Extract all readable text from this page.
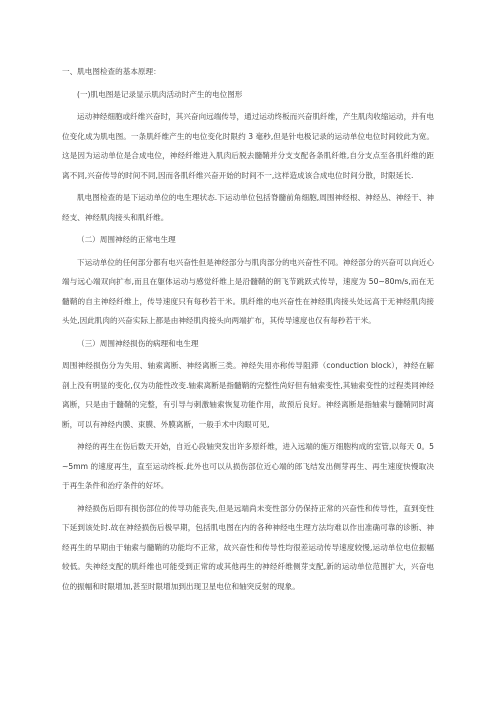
一、肌电图检查的基本原理：

(一)肌电图是记录显示肌肉活动时产生的电位图形

运动神经细胞或纤维兴奋时，其兴奋向远端传导，通过运动终板而兴奋肌纤维，产生肌肉收缩运动，并有电位变化成为肌电图。一条肌纤维产生的电位变化时限约 3 毫秒,但是针电极记录的运动单位电位时间较此为宽。这是因为运动单位是合成电位，神经纤维进入肌肉后脱去髓鞘并分支支配各条肌纤维,自分支点至各肌纤维的距离不同,兴奋传导的时间不同,因而各肌纤维兴奋开始的时间不一,这样造成该合成电位时间分散，时限延长.

肌电图检查的是下运动单位的电生理状态.下运动单位包括脊髓前角细胞,周围神经根、神经丛、神经干、神经支、神经肌肉接头和肌纤维。

（二）周围神经的正常电生理

下运动单位的任何部分都有电兴奋性但是神经部分与肌肉部分的电兴奋性不同。神经部分的兴奋可以向近心端与远心端双向扩布,而且在躯体运动与感觉纤维上是沿髓鞘的朗飞节跳跃式传导，速度为 50~80m/s,而在无髓鞘的自主神经纤维上，传导速度只有每秒若干米。肌纤维的电兴奋性在神经肌肉接头处远高于无神经肌肉接头处,因此肌肉的兴奋实际上都是由神经肌肉接头向两端扩布，其传导速度也仅有每秒若干米。

（三）周围神经损伤的病理和电生理

周围神经损伤分为失用、轴索离断、神经离断三类。神经失用亦称传导阻滞（conduction block），神经在解剖上没有明显的变化,仅为功能性改变.轴索离断是指髓鞘的完整性尚好但有轴索变性,其轴索变性的过程类同神经离断，只是由于髓鞘的完整，有引导与刺激轴索恢复功能作用，故预后良好。神经离断是指轴索与髓鞘同时离断，可以有神经内膜、束膜、外膜离断，一般手术中肉眼可见,

神经的再生在伤后数天开始，自近心段轴突发出许多原纤维，进入远端的施万细胞构成的室管,以每天 0。5~5mm 的速度再生，直至运动终板.此外也可以从损伤部位近心端的郎飞结发出侧芽再生、再生速度快慢取决于再生条件和治疗条件的好坏。

神经损伤后即有损伤部位的传导功能丧失,但是远端尚未变性部分仍保持正常的兴奋性和传导性，直到变性下延到该处时.故在神经损伤后极早期，包括肌电图在内的各种神经电生理方法均难以作出准确可靠的诊断、神经再生的早期由于轴索与髓鞘的功能均不正常，故兴奋性和传导性均很差运动传导速度较慢,运动单位电位振幅较低。失神经支配的肌纤维也可能受到正常的或其他再生的神经纤维侧芽支配,新的运动单位范围扩大，兴奋电位的振幅和时限增加,甚至时限增加到出现卫星电位和轴突反射的现象。
